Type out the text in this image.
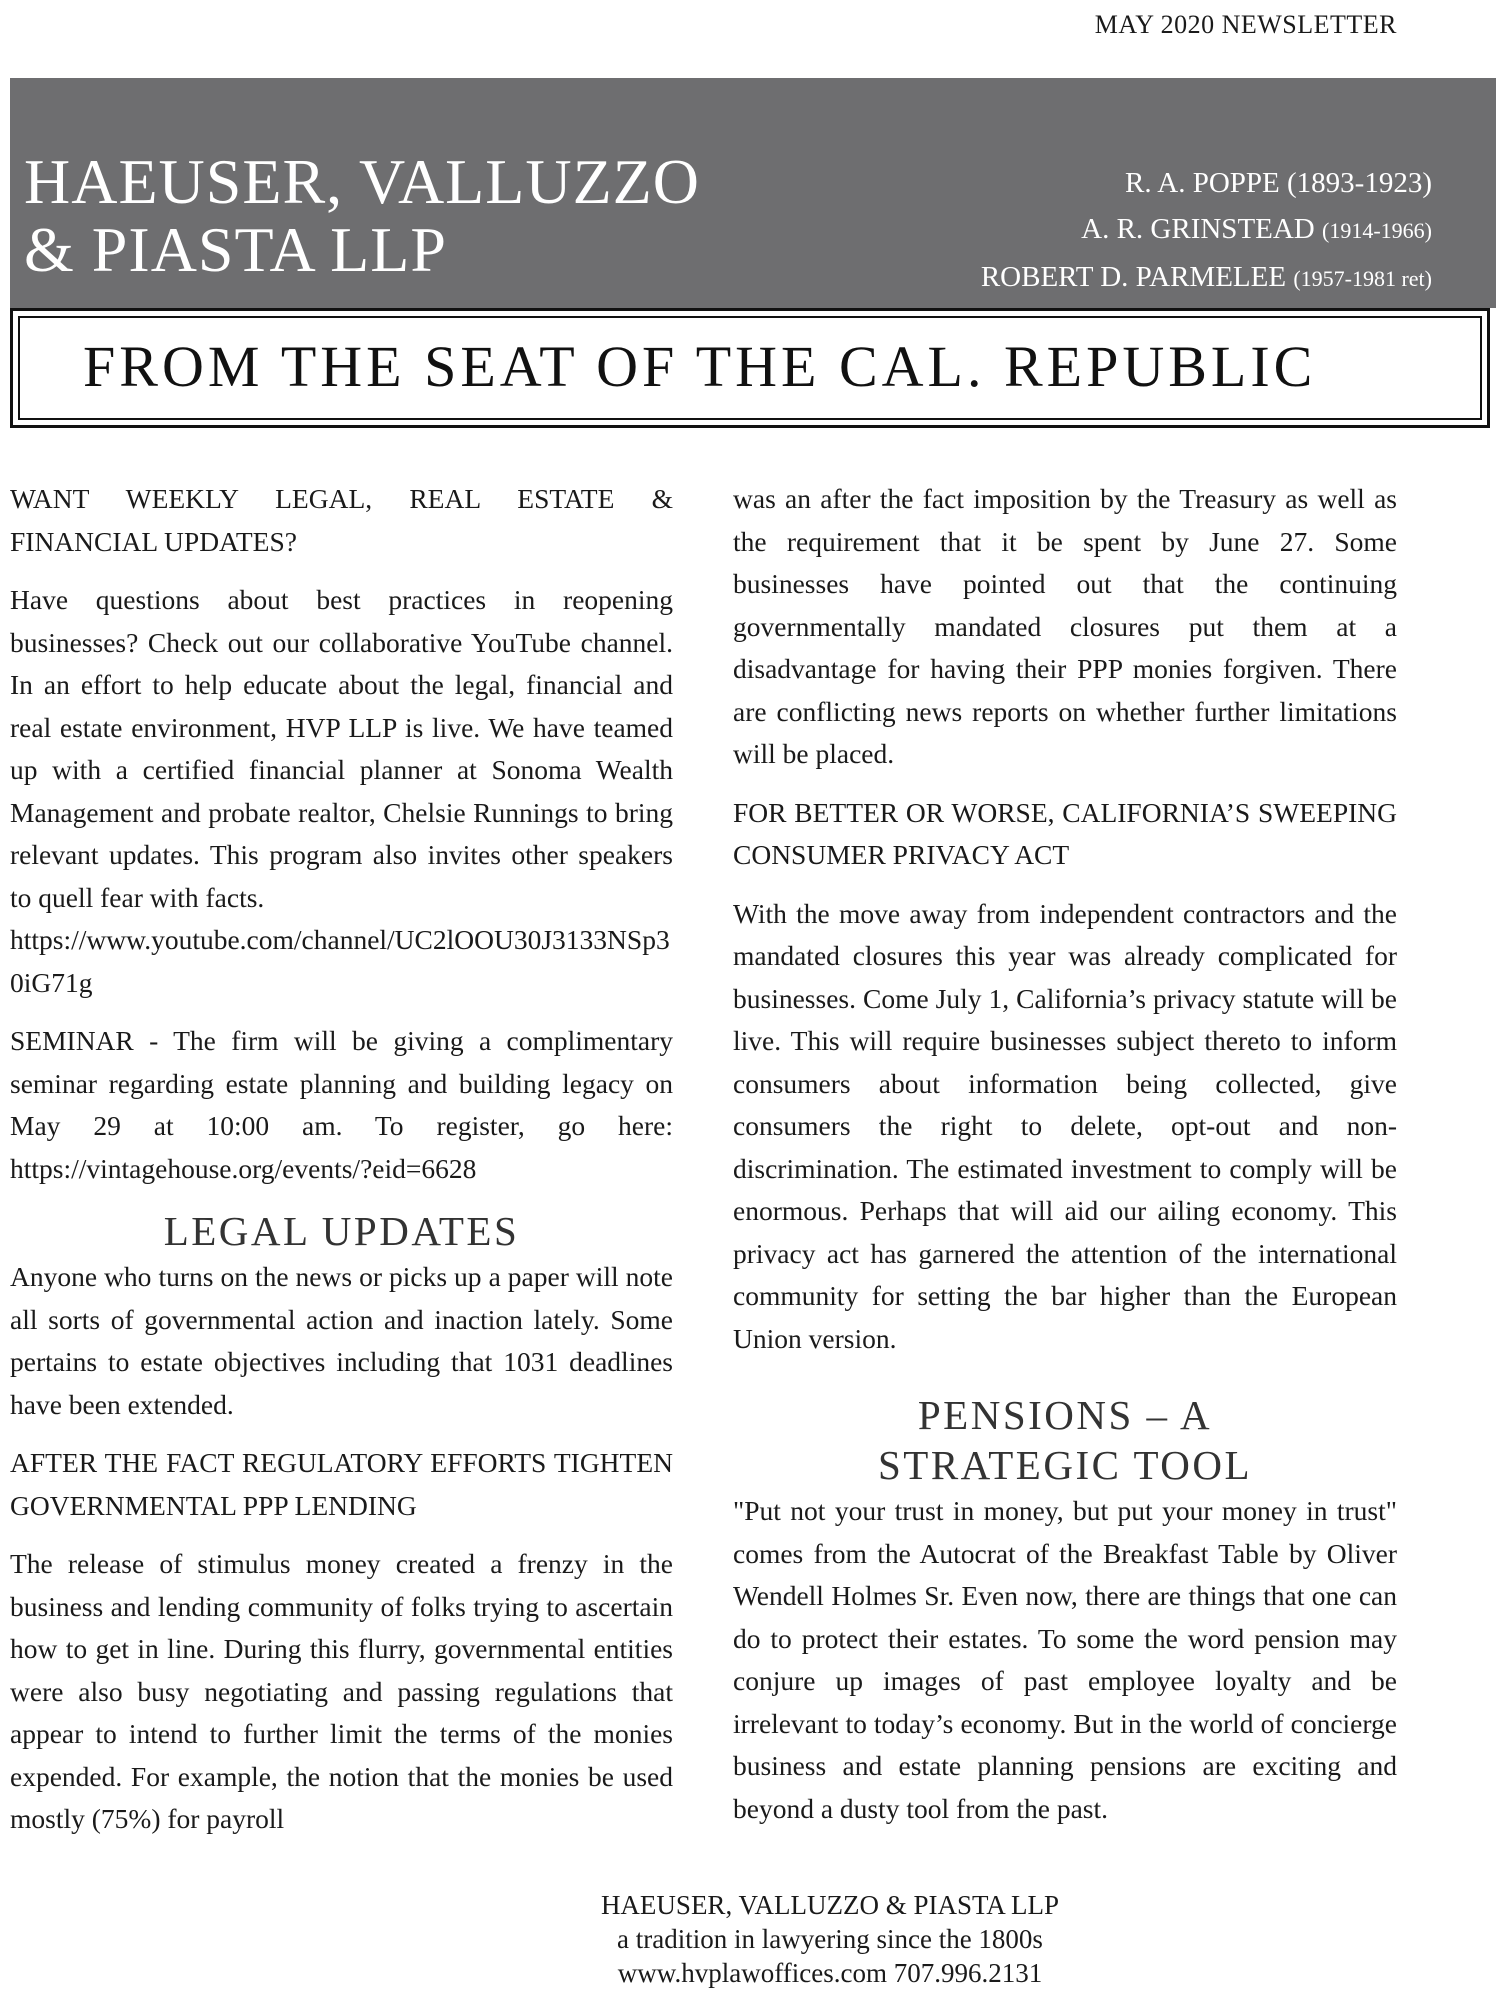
MAY 2020 NEWSLETTER
HAEUSER, VALLUZZO
& PIASTA LLP
R. A. POPPE (1893-1923)
A. R. GRINSTEAD (1914-1966)
ROBERT D. PARMELEE (1957-1981 ret)
FROM THE SEAT OF THE CAL. REPUBLIC

WANT WEEKLY LEGAL, REAL ESTATE & FINANCIAL UPDATES?

Have questions about best practices in reopening businesses? Check out our collaborative YouTube channel. In an effort to help educate about the legal, financial and real estate environment, HVP LLP is live. We have teamed up with a certified financial planner at Sonoma Wealth Management and probate realtor, Chelsie Runnings to bring relevant updates. This program also invites other speakers to quell fear with facts.

https://www.youtube.com/channel/UC2lOOU30J3133NSp30iG71g

SEMINAR - The firm will be giving a complimentary seminar regarding estate planning and building legacy on May 29 at 10:00 am. To register, go here: https://vintagehouse.org/events/?eid=6628

LEGAL UPDATES

Anyone who turns on the news or picks up a paper will note all sorts of governmental action and inaction lately. Some pertains to estate objectives including that 1031 deadlines have been extended.

AFTER THE FACT REGULATORY EFFORTS TIGHTEN GOVERNMENTAL PPP LENDING

The release of stimulus money created a frenzy in the business and lending community of folks trying to ascertain how to get in line. During this flurry, governmental entities were also busy negotiating and passing regulations that appear to intend to further limit the terms of the monies expended. For example, the notion that the monies be used mostly (75%) for payroll

was an after the fact imposition by the Treasury as well as the requirement that it be spent by June 27. Some businesses have pointed out that the continuing governmentally mandated closures put them at a disadvantage for having their PPP monies forgiven. There are conflicting news reports on whether further limitations will be placed.

FOR BETTER OR WORSE, CALIFORNIA’S SWEEPING CONSUMER PRIVACY ACT

With the move away from independent contractors and the mandated closures this year was already complicated for businesses. Come July 1, California’s privacy statute will be live. This will require businesses subject thereto to inform consumers about information being collected, give consumers the right to delete, opt-out and non-discrimination. The estimated investment to comply will be enormous. Perhaps that will aid our ailing economy. This privacy act has garnered the attention of the international community for setting the bar higher than the European Union version.

PENSIONS – A
STRATEGIC TOOL

"Put not your trust in money, but put your money in trust" comes from the Autocrat of the Breakfast Table by Oliver Wendell Holmes Sr. Even now, there are things that one can do to protect their estates. To some the word pension may conjure up images of past employee loyalty and be irrelevant to today’s economy. But in the world of concierge business and estate planning pensions are exciting and beyond a dusty tool from the past.

HAEUSER, VALLUZZO & PIASTA LLP
a tradition in lawyering since the 1800s
www.hvplawoffices.com 707.996.2131
